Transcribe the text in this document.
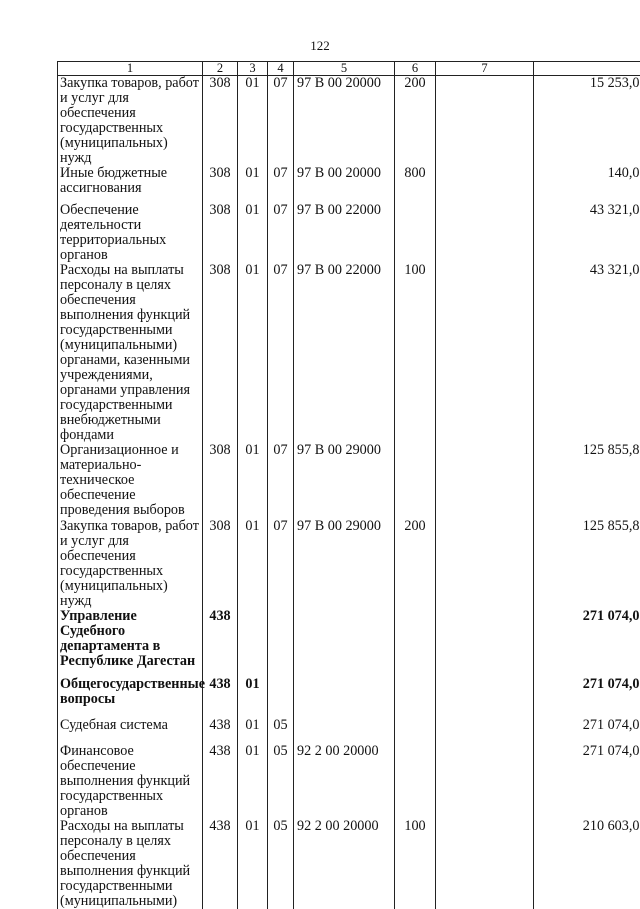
122
1	2	3	4	5	6	7	
Закупка товаров, работ и услуг для обеспечения государственных (муниципальных) нужд	308	01	07	97 В 00 20000	200		15 253,0
Иные бюджетные ассигнования	308	01	07	97 В 00 20000	800		140,0
Обеспечение деятельности территориальных органов	308	01	07	97 В 00 22000			43 321,0
Расходы на выплаты персоналу в целях обеспечения выполнения функций государственными (муниципальными) органами, казенными учреждениями, органами управления государственными внебюджетными фондами	308	01	07	97 В 00 22000	100		43 321,0
Организационное и материально-техническое обеспечение проведения выборов	308	01	07	97 В 00 29000			125 855,8
Закупка товаров, работ и услуг для обеспечения государственных (муниципальных) нужд	308	01	07	97 В 00 29000	200		125 855,8
Управление Судебного департамента в Республике Дагестан	438						271 074,0
Общегосударственные вопросы	438	01					271 074,0
Судебная система	438	01	05				271 074,0
Финансовое обеспечение выполнения функций государственных органов	438	01	05	92 2 00 20000			271 074,0
Расходы на выплаты персоналу в целях обеспечения выполнения функций государственными (муниципальными)	438	01	05	92 2 00 20000	100		210 603,0
